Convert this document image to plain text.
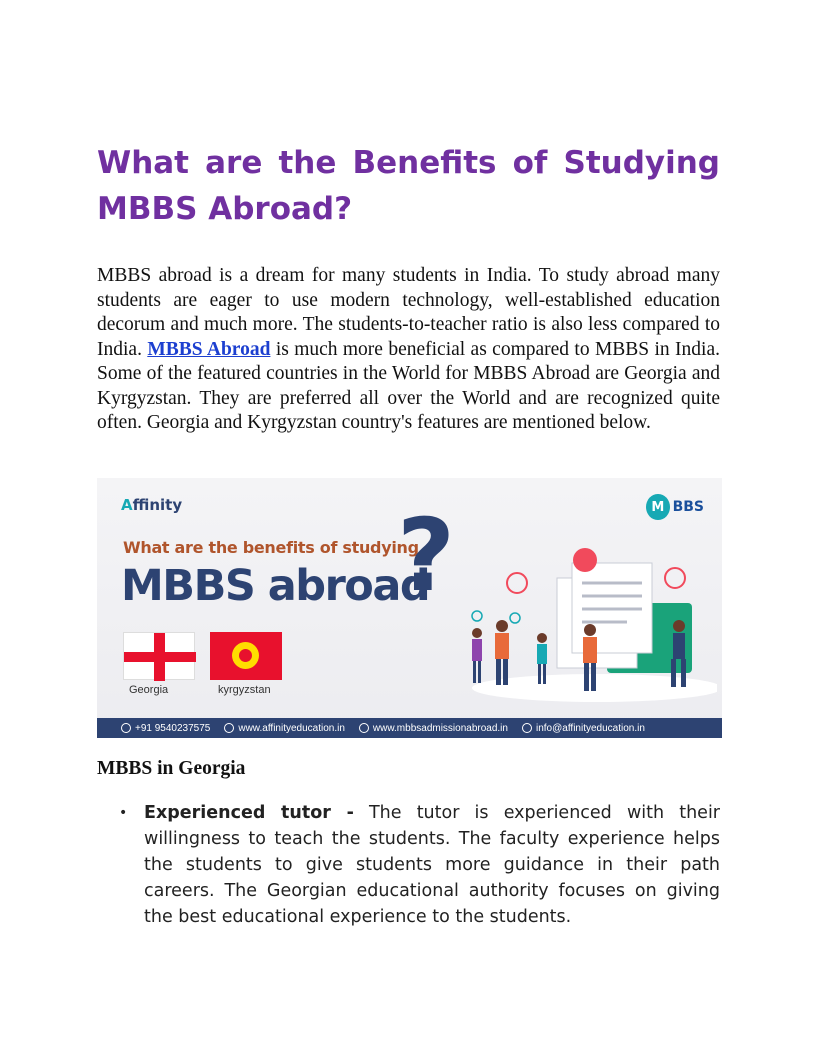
What are the Benefits of Studying
MBBS Abroad?

MBBS abroad is a dream for many students in India. To study abroad many students are eager to use modern technology, well-established education decorum and much more. The students-to-teacher ratio is also less compared to India. MBBS Abroad is much more beneficial as compared to MBBS in India. Some of the featured countries in the World for MBBS Abroad are Georgia and Kyrgyzstan. They are preferred all over the World and are recognized quite often. Georgia and Kyrgyzstan country's features are mentioned below.

Affinity	M BBS
What are the benefits of studying
MBBS abroad
?
Georgia	kyrgyzstan
+91 9540237575	www.affinityeducation.in	www.mbbsadmissionabroad.in	info@affinityeducation.in
MBBS in Georgia
• Experienced tutor - The tutor is experienced with their willingness to teach the students. The faculty experience helps the students to give students more guidance in their path careers. The Georgian educational authority focuses on giving the best educational experience to the students.
